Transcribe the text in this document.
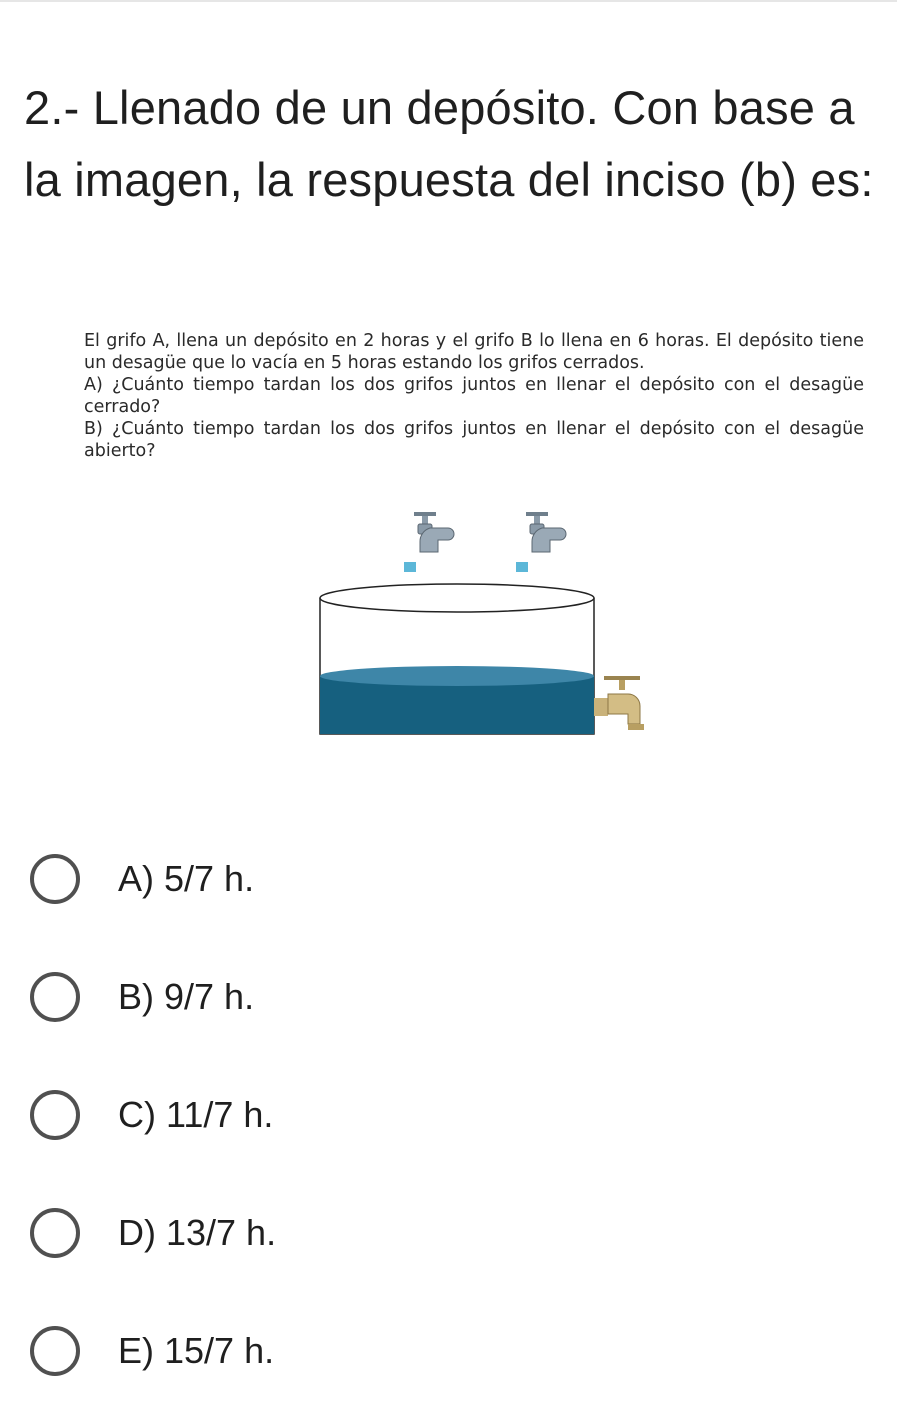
2.- Llenado de un depósito. Con base a la imagen, la respuesta del inciso (b) es:

El grifo A, llena un depósito en 2 horas y el grifo B lo llena en 6 horas. El depósito tiene un desagüe que lo vacía en 5 horas estando los grifos cerrados.

A) ¿Cuánto tiempo tardan los dos grifos juntos en llenar el depósito con el desagüe cerrado?

B) ¿Cuánto tiempo tardan los dos grifos juntos en llenar el depósito con el desagüe abierto?

A) 5/7 h.
B) 9/7 h.
C) 11/7 h.
D) 13/7 h.
E) 15/7 h.
